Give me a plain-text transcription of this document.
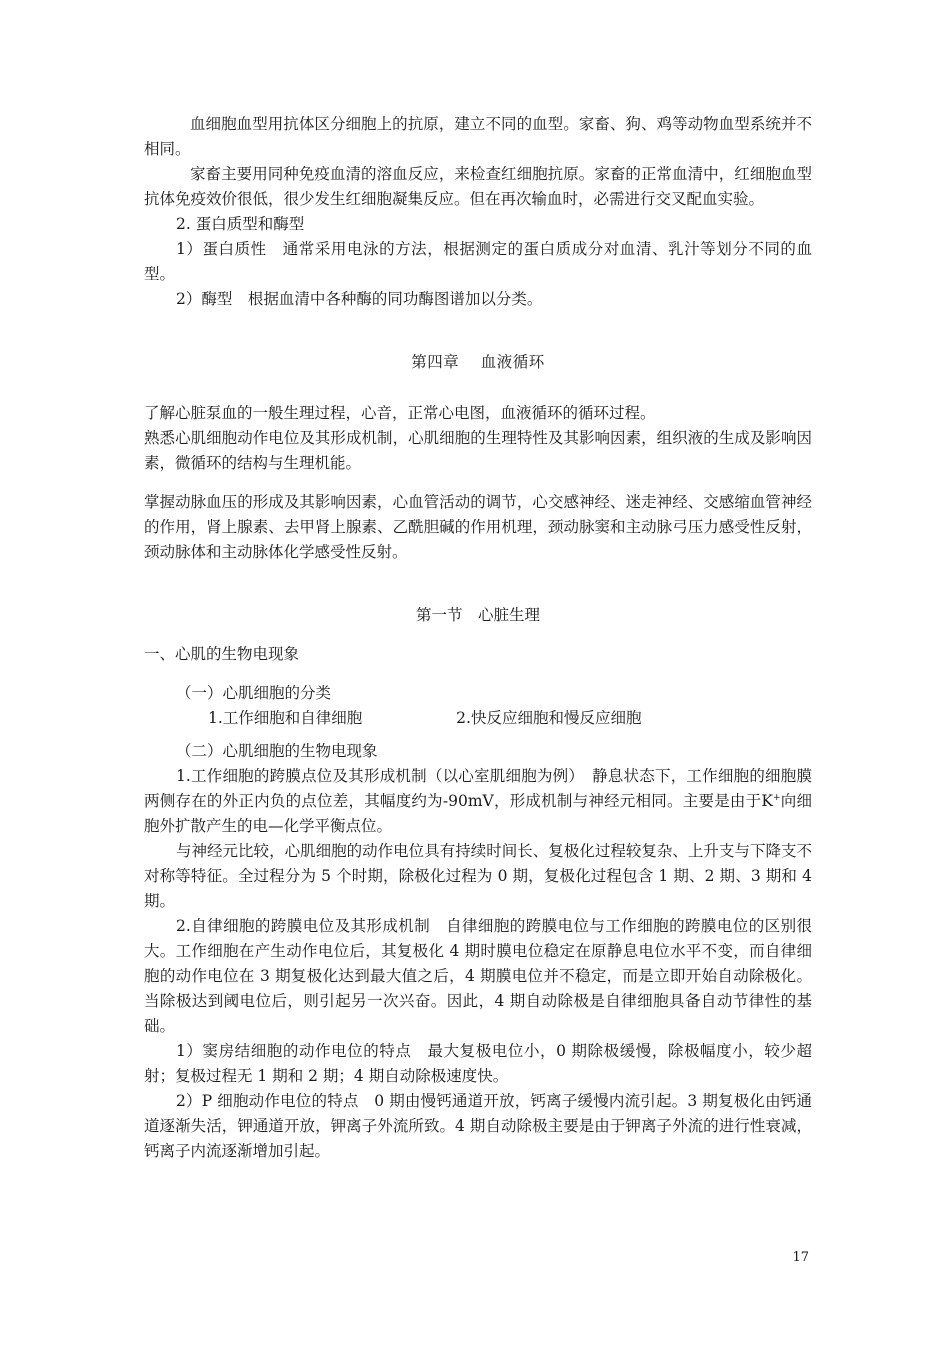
血细胞血型用抗体区分细胞上的抗原，建立不同的血型。家畜、狗、鸡等动物血型系统并不相同。

家畜主要用同种免疫血清的溶血反应，来检查红细胞抗原。家畜的正常血清中，红细胞血型抗体免疫效价很低，很少发生红细胞凝集反应。但在再次输血时，必需进行交叉配血实验。

2. 蛋白质型和酶型

1）蛋白质性　通常采用电泳的方法，根据测定的蛋白质成分对血清、乳汁等划分不同的血型。

2）酶型　根据血清中各种酶的同功酶图谱加以分类。

第四章　 血液循环

了解心脏泵血的一般生理过程，心音，正常心电图，血液循环的循环过程。

熟悉心肌细胞动作电位及其形成机制，心肌细胞的生理特性及其影响因素，组织液的生成及影响因素，微循环的结构与生理机能。

掌握动脉血压的形成及其影响因素，心血管活动的调节，心交感神经、迷走神经、交感缩血管神经的作用，肾上腺素、去甲肾上腺素、乙酰胆碱的作用机理，颈动脉窦和主动脉弓压力感受性反射，颈动脉体和主动脉体化学感受性反射。

第一节　心脏生理

一、心肌的生物电现象

（一）心肌细胞的分类

1.工作细胞和自律细胞	2.快反应细胞和慢反应细胞

（二）心肌细胞的生物电现象

1.工作细胞的跨膜点位及其形成机制（以心室肌细胞为例）　静息状态下，工作细胞的细胞膜两侧存在的外正内负的点位差，其幅度约为-90mV，形成机制与神经元相同。主要是由于K+向细胞外扩散产生的电—化学平衡点位。

与神经元比较，心肌细胞的动作电位具有持续时间长、复极化过程较复杂、上升支与下降支不对称等特征。全过程分为 5 个时期，除极化过程为 0 期，复极化过程包含 1 期、2 期、3 期和 4 期。

2.自律细胞的跨膜电位及其形成机制　自律细胞的跨膜电位与工作细胞的跨膜电位的区别很大。工作细胞在产生动作电位后，其复极化 4 期时膜电位稳定在原静息电位水平不变，而自律细胞的动作电位在 3 期复极化达到最大值之后，4 期膜电位并不稳定，而是立即开始自动除极化。当除极达到阈电位后，则引起另一次兴奋。因此，4 期自动除极是自律细胞具备自动节律性的基础。

1）窦房结细胞的动作电位的特点　最大复极电位小，0 期除极缓慢，除极幅度小，较少超射；复极过程无 1 期和 2 期；4 期自动除极速度快。

2）P 细胞动作电位的特点　0 期由慢钙通道开放，钙离子缓慢内流引起。3 期复极化由钙通道逐渐失活，钾通道开放，钾离子外流所致。4 期自动除极主要是由于钾离子外流的进行性衰减，钙离子内流逐渐增加引起。

17
